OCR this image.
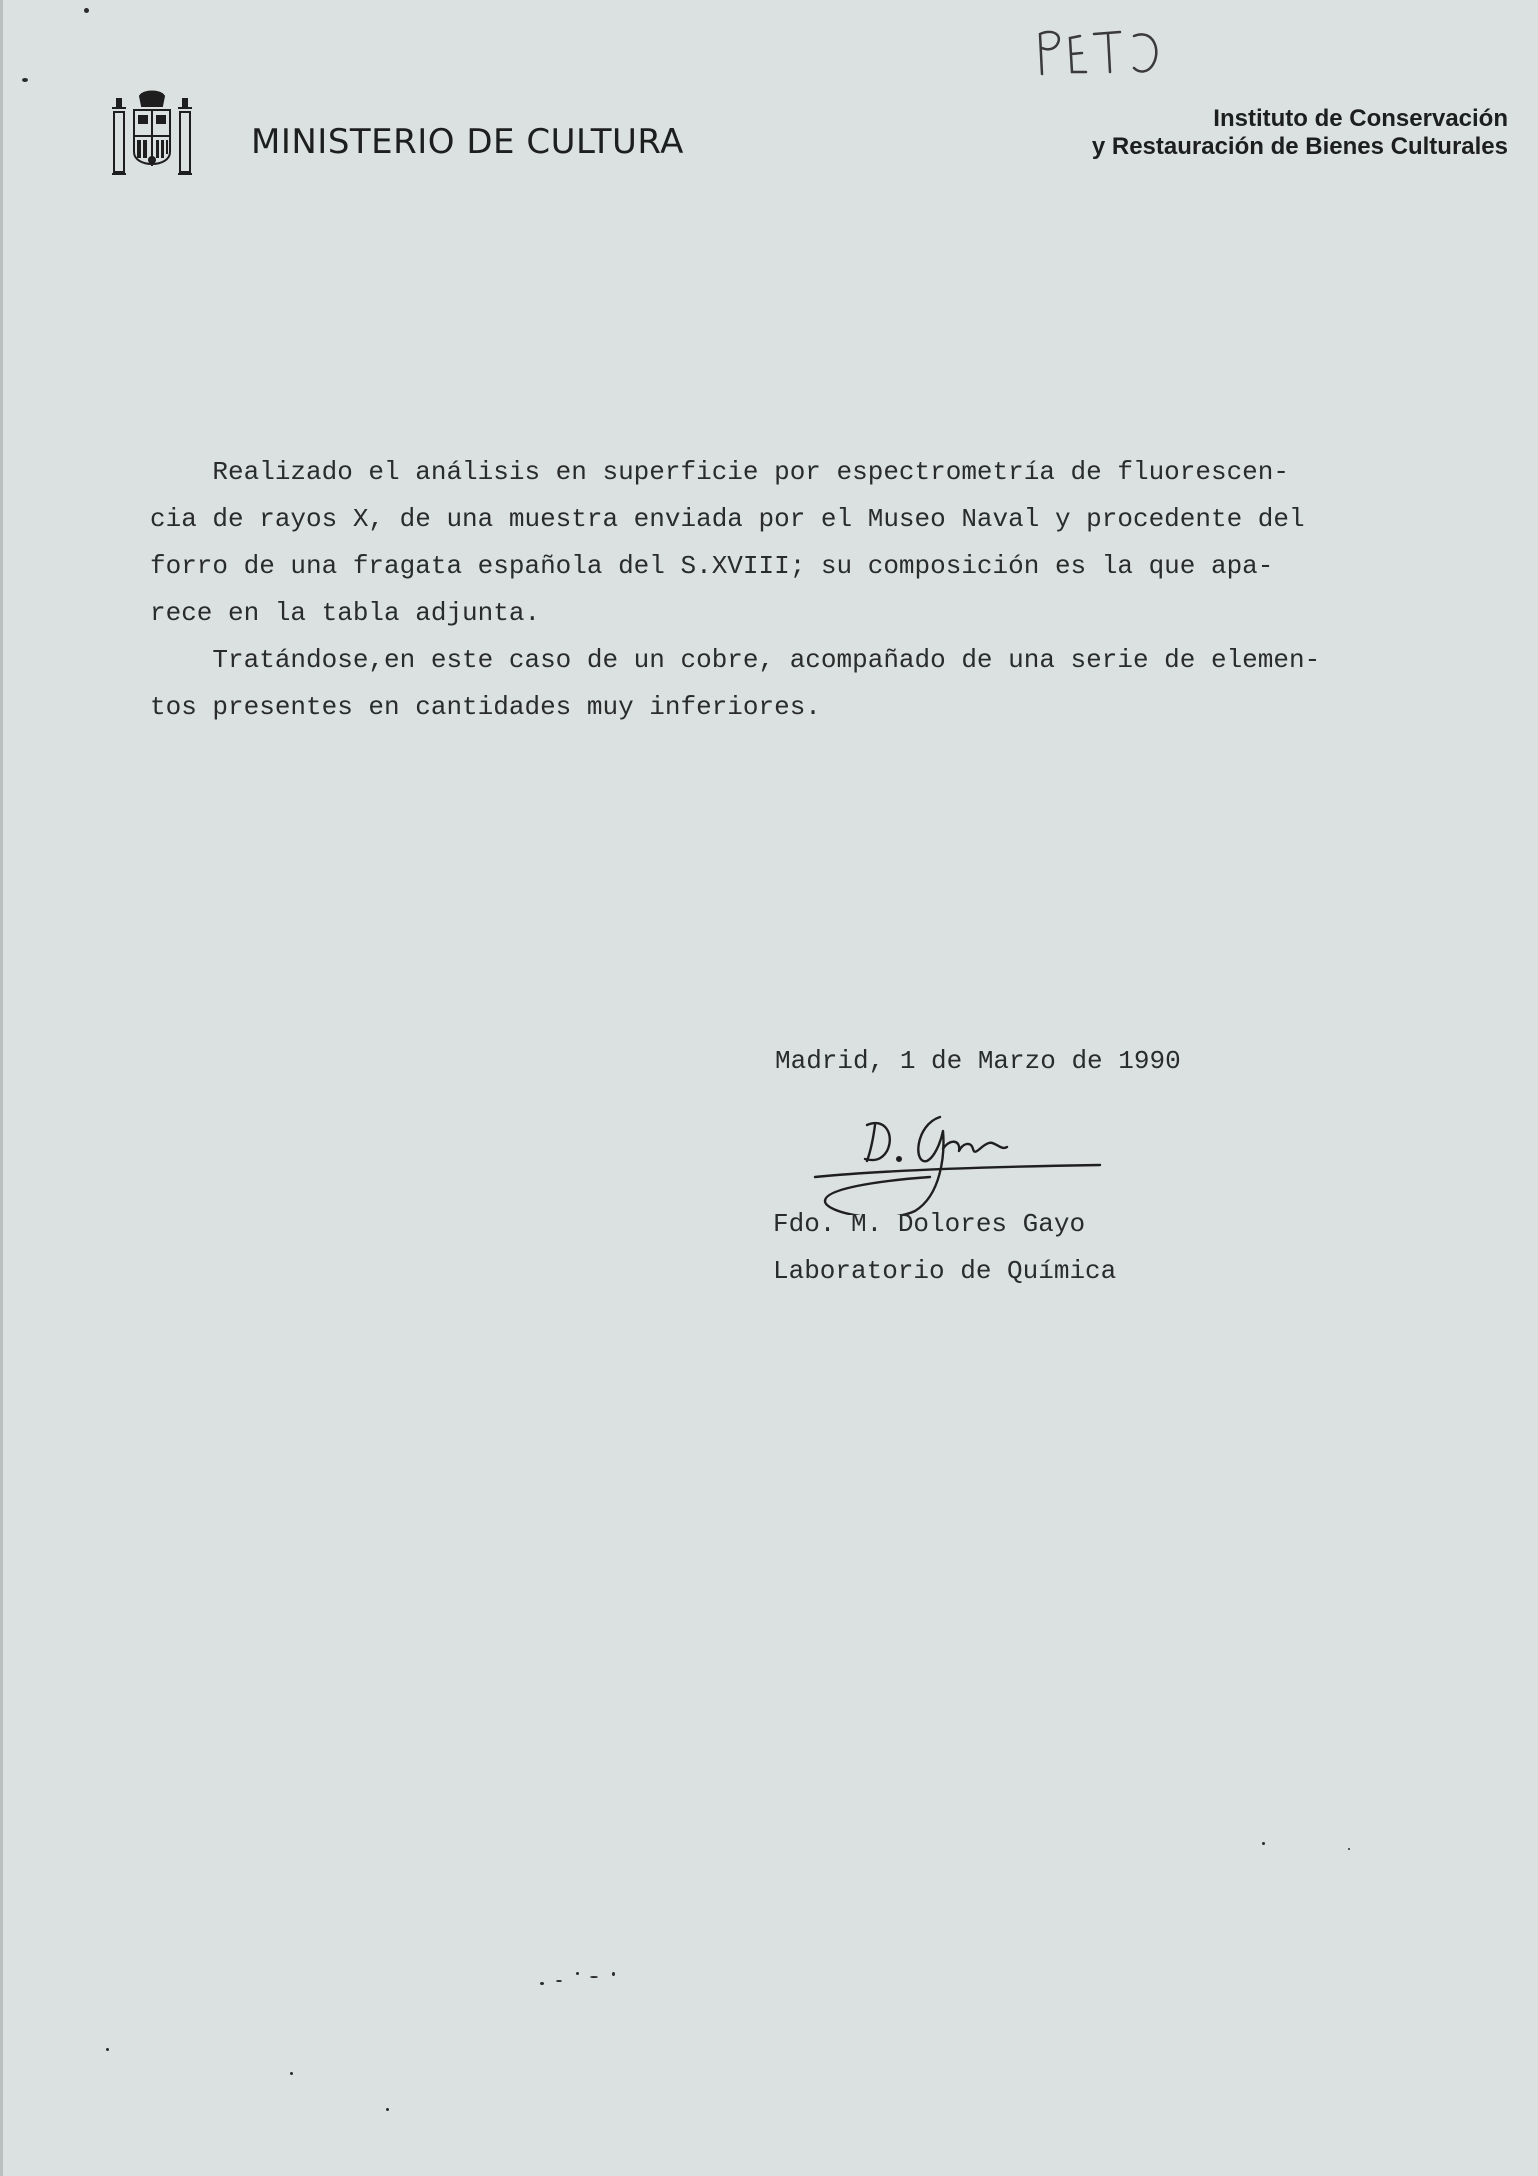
MINISTERIO DE CULTURA
Instituto de Conservación
y Restauración de Bienes Culturales
Realizado el análisis en superficie por espectrometría de fluorescen-
cia de rayos X, de una muestra enviada por el Museo Naval y procedente del
forro de una fragata española del S.XVIII; su composición es la que apa-
rece en la tabla adjunta.
Tratándose,en este caso de un cobre, acompañado de una serie de elemen-
tos presentes en cantidades muy inferiores.
Madrid, 1 de Marzo de 1990
Fdo. M. Dolores Gayo
Laboratorio de Química
